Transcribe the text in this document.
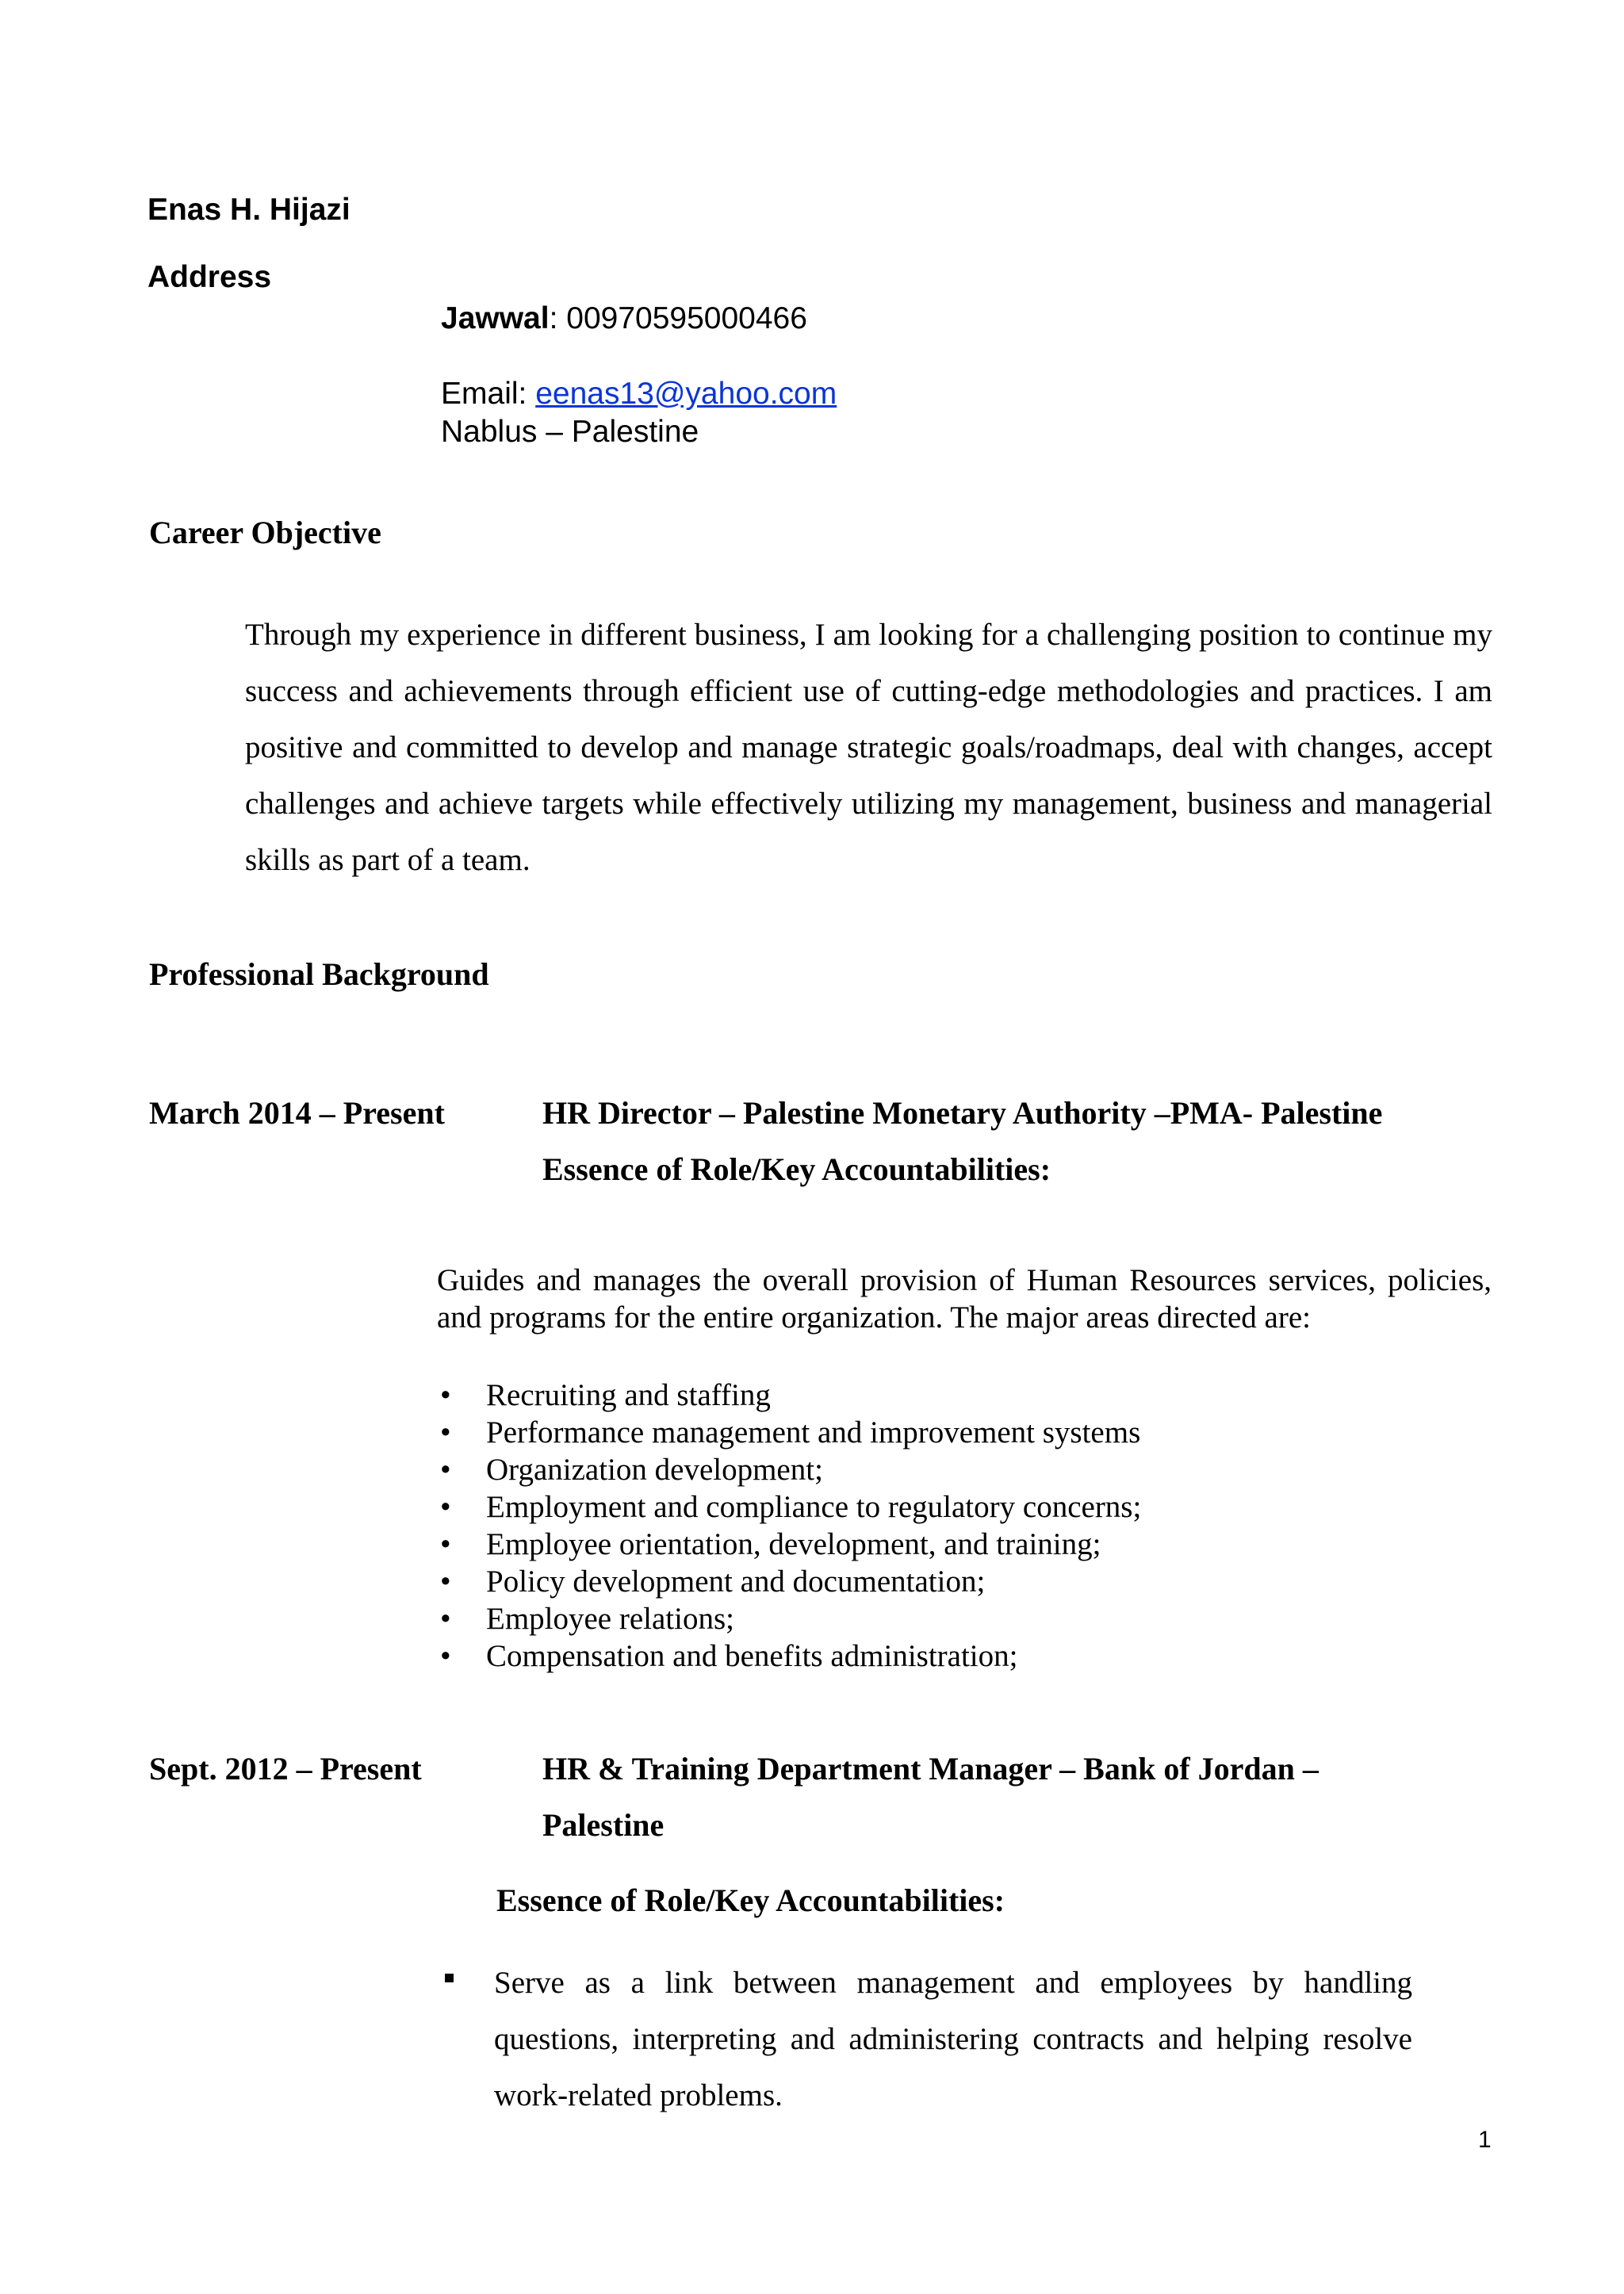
Enas H. Hijazi
Address
Jawwal: 00970595000466
Email: eenas13@yahoo.com
Nablus – Palestine
Career Objective
Through my experience in different business, I am looking for a challenging position to continue my success and achievements through efficient use of cutting-edge methodologies and practices. I am positive and committed to develop and manage strategic goals/roadmaps, deal with changes, accept challenges and achieve targets while effectively utilizing my management, business and managerial skills as part of a team.
Professional Background
March 2014 – Present	HR Director – Palestine Monetary Authority –PMA- Palestine
Essence of Role/Key Accountabilities:
Guides and manages the overall provision of Human Resources services, policies, and programs for the entire organization. The major areas directed are:
• Recruiting and staffing
• Performance management and improvement systems
• Organization development;
• Employment and compliance to regulatory concerns;
• Employee orientation, development, and training;
• Policy development and documentation;
• Employee relations;
• Compensation and benefits administration;
Sept. 2012 – Present	HR & Training Department Manager – Bank of Jordan –
Palestine
Essence of Role/Key Accountabilities:
Serve as a link between management and employees by handling questions, interpreting and administering contracts and helping resolve work-related problems.
1
